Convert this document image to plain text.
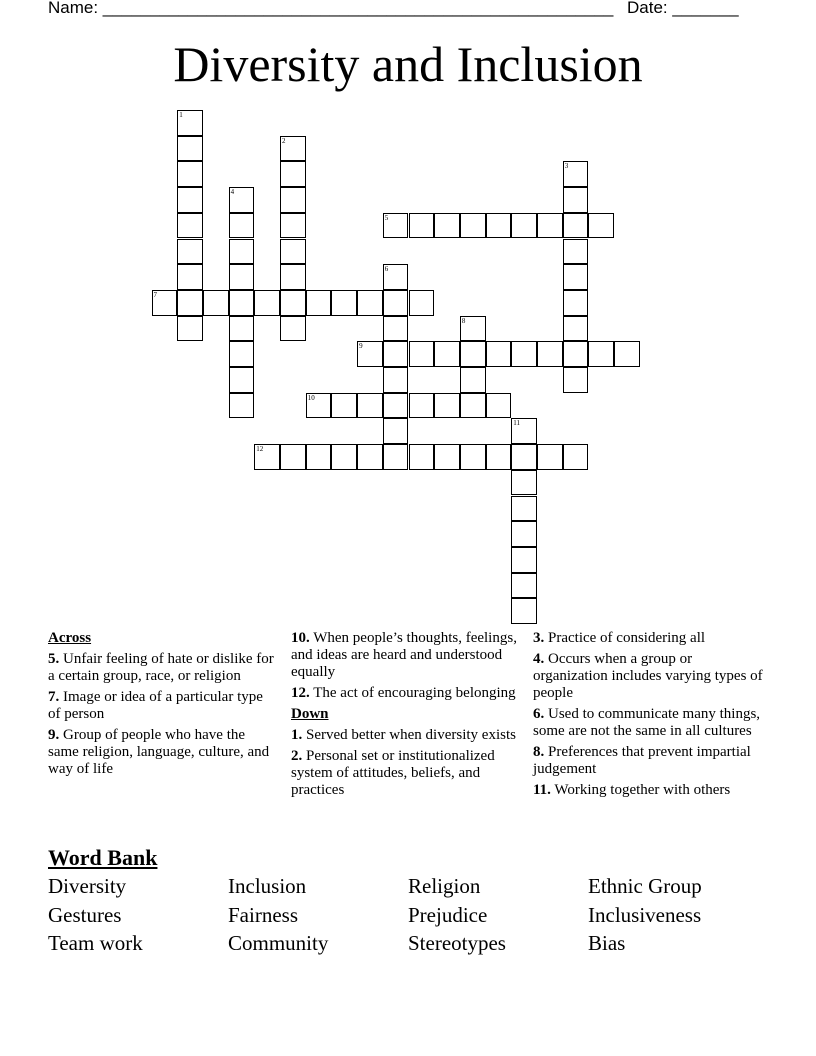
Name: ______________________________________________________ Date: _______
Diversity and Inclusion
1
2
3
4
5
6
7
8
9
10
11
12
Across
5. Unfair feeling of hate or dislike for a certain group, race, or religion
7. Image or idea of a particular type of person
9. Group of people who have the same religion, language, culture, and way of life
10. When people’s thoughts, feelings, and ideas are heard and understood equally
12. The act of encouraging belonging
Down
1. Served better when diversity exists
2. Personal set or institutionalized system of attitudes, beliefs, and practices
3. Practice of considering all
4. Occurs when a group or organization includes varying types of people
6. Used to communicate many things, some are not the same in all cultures
8. Preferences that prevent impartial judgement
11. Working together with others
Word Bank
Diversity	Inclusion	Religion	Ethnic Group
Gestures	Fairness	Prejudice	Inclusiveness
Team work	Community	Stereotypes	Bias
